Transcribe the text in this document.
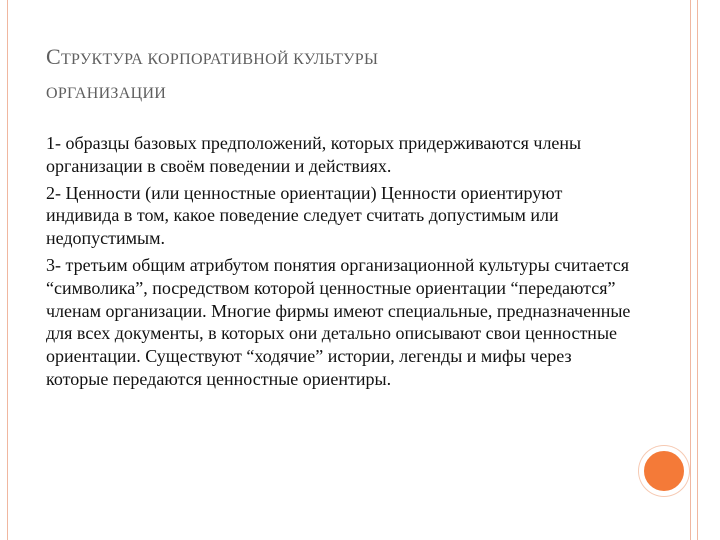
СТРУКТУРА КОРПОРАТИВНОЙ КУЛЬТУРЫ
ОРГАНИЗАЦИИ

1- образцы базовых предположений, которых придерживаются члены организации в своём поведении и действиях.

2- Ценности (или ценностные ориентации) Ценности ориентируют индивида в том, какое поведение следует считать допустимым или недопустимым.

3- третьим общим атрибутом понятия организационной культуры считается “символика”, посредством которой ценностные ориентации “передаются” членам организации. Многие фирмы имеют специальные, предназначенные для всех документы, в которых они детально описывают свои ценностные ориентации. Существуют “ходячие” истории, легенды и мифы через которые передаются ценностные ориентиры.
